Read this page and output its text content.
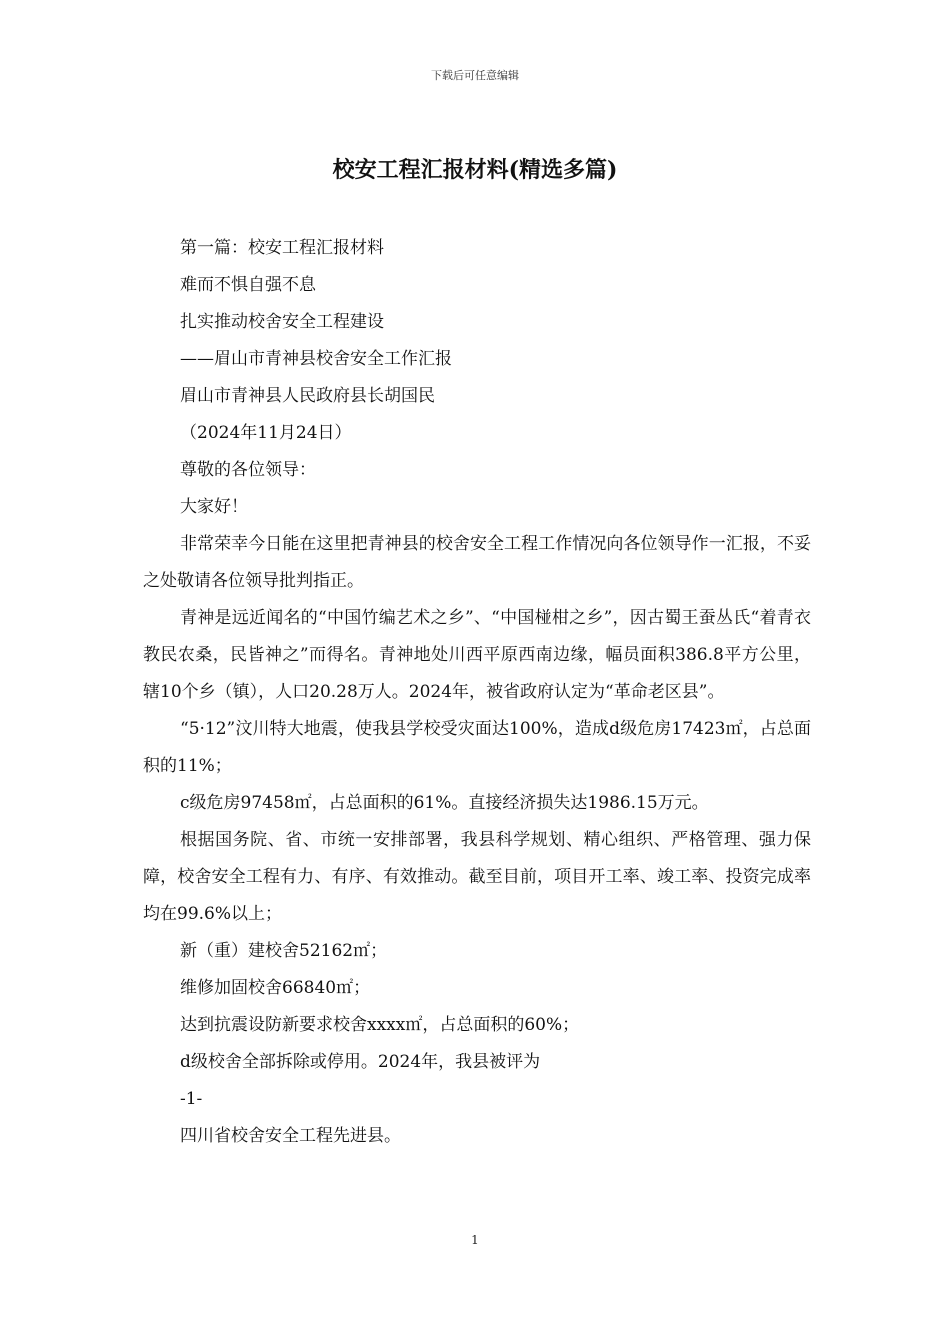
下载后可任意编辑
校安工程汇报材料(精选多篇)

第一篇：校安工程汇报材料

难而不惧自强不息

扎实推动校舍安全工程建设

——眉山市青神县校舍安全工作汇报

眉山市青神县人民政府县长胡国民

（2024年11月24日）

尊敬的各位领导：

大家好！

非常荣幸今日能在这里把青神县的校舍安全工程工作情况向各位领导作一汇报，不妥之处敬请各位领导批判指正。

青神是远近闻名的“中国竹编艺术之乡”、“中国椪柑之乡”，因古蜀王蚕丛氏“着青衣教民农桑，民皆神之”而得名。青神地处川西平原西南边缘，幅员面积386.8平方公里，辖10个乡（镇），人口20.28万人。2024年，被省政府认定为“革命老区县”。

“5·12”汶川特大地震，使我县学校受灾面达100%，造成d级危房17423㎡，占总面积的11%；

c级危房97458㎡，占总面积的61%。直接经济损失达1986.15万元。

根据国务院、省、市统一安排部署，我县科学规划、精心组织、严格管理、强力保障，校舍安全工程有力、有序、有效推动。截至目前，项目开工率、竣工率、投资完成率均在99.6%以上；

新（重）建校舍52162㎡；

维修加固校舍66840㎡；

达到抗震设防新要求校舍xxxx㎡，占总面积的60%；

d级校舍全部拆除或停用。2024年，我县被评为

-1-

四川省校舍安全工程先进县。

1
